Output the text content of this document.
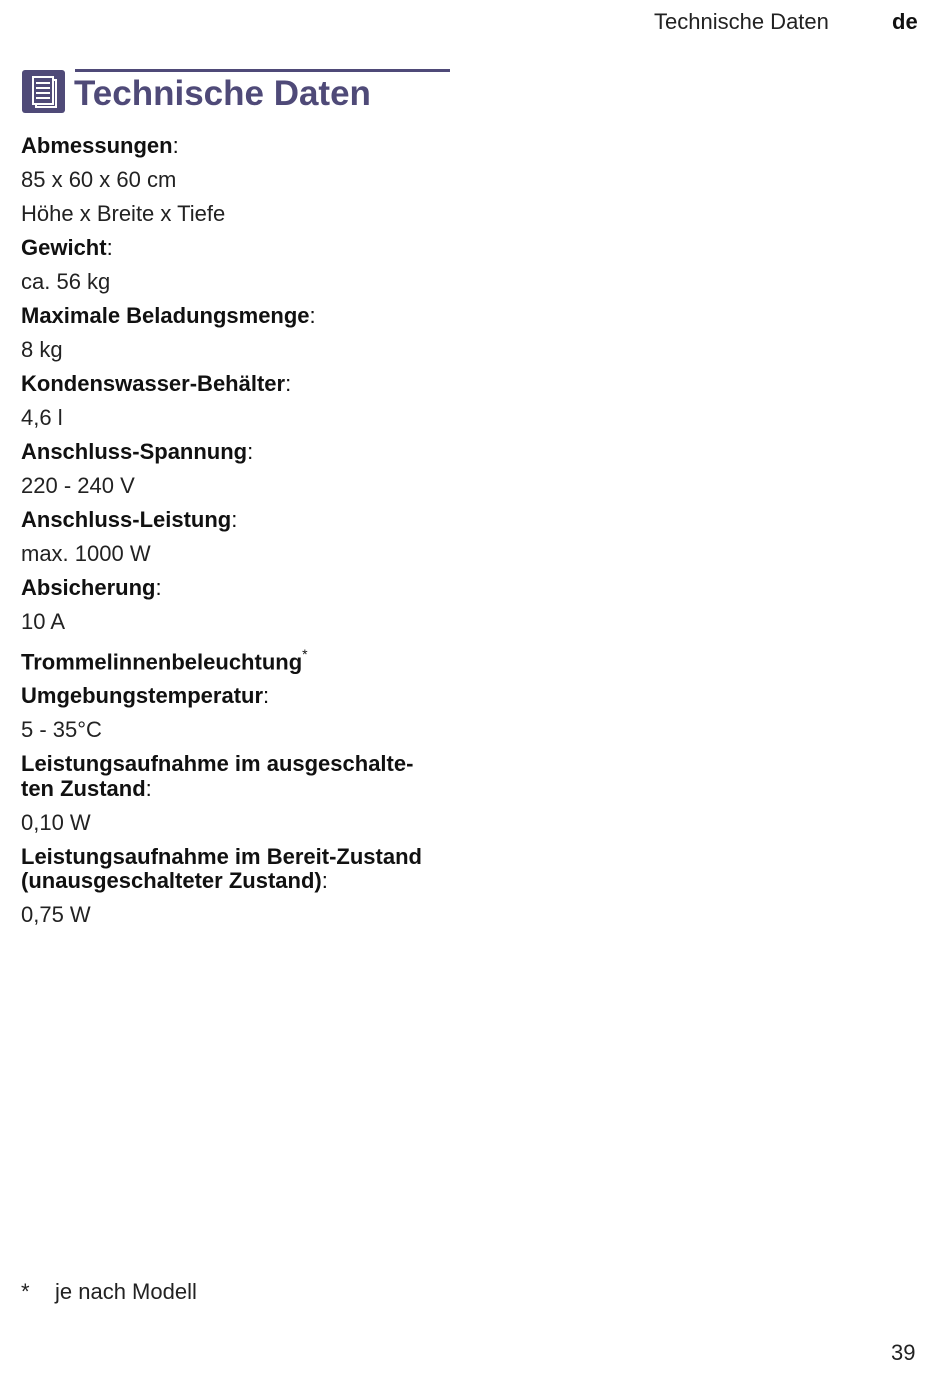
Technische Daten	de
Technische Daten
Abmessungen:
85 x 60 x 60 cm
Höhe x Breite x Tiefe
Gewicht:
ca. 56 kg
Maximale Beladungsmenge:
8 kg
Kondenswasser-Behälter:
4,6 l
Anschluss-Spannung:
220 - 240 V
Anschluss-Leistung:
max. 1000 W
Absicherung:
10 A
Trommelinnenbeleuchtung*
Umgebungstemperatur:
5 - 35°C
Leistungsaufnahme im ausgeschalte-
ten Zustand:
0,10 W
Leistungsaufnahme im Bereit-Zustand
(unausgeschalteter Zustand):
0,75 W
* je nach Modell
39
